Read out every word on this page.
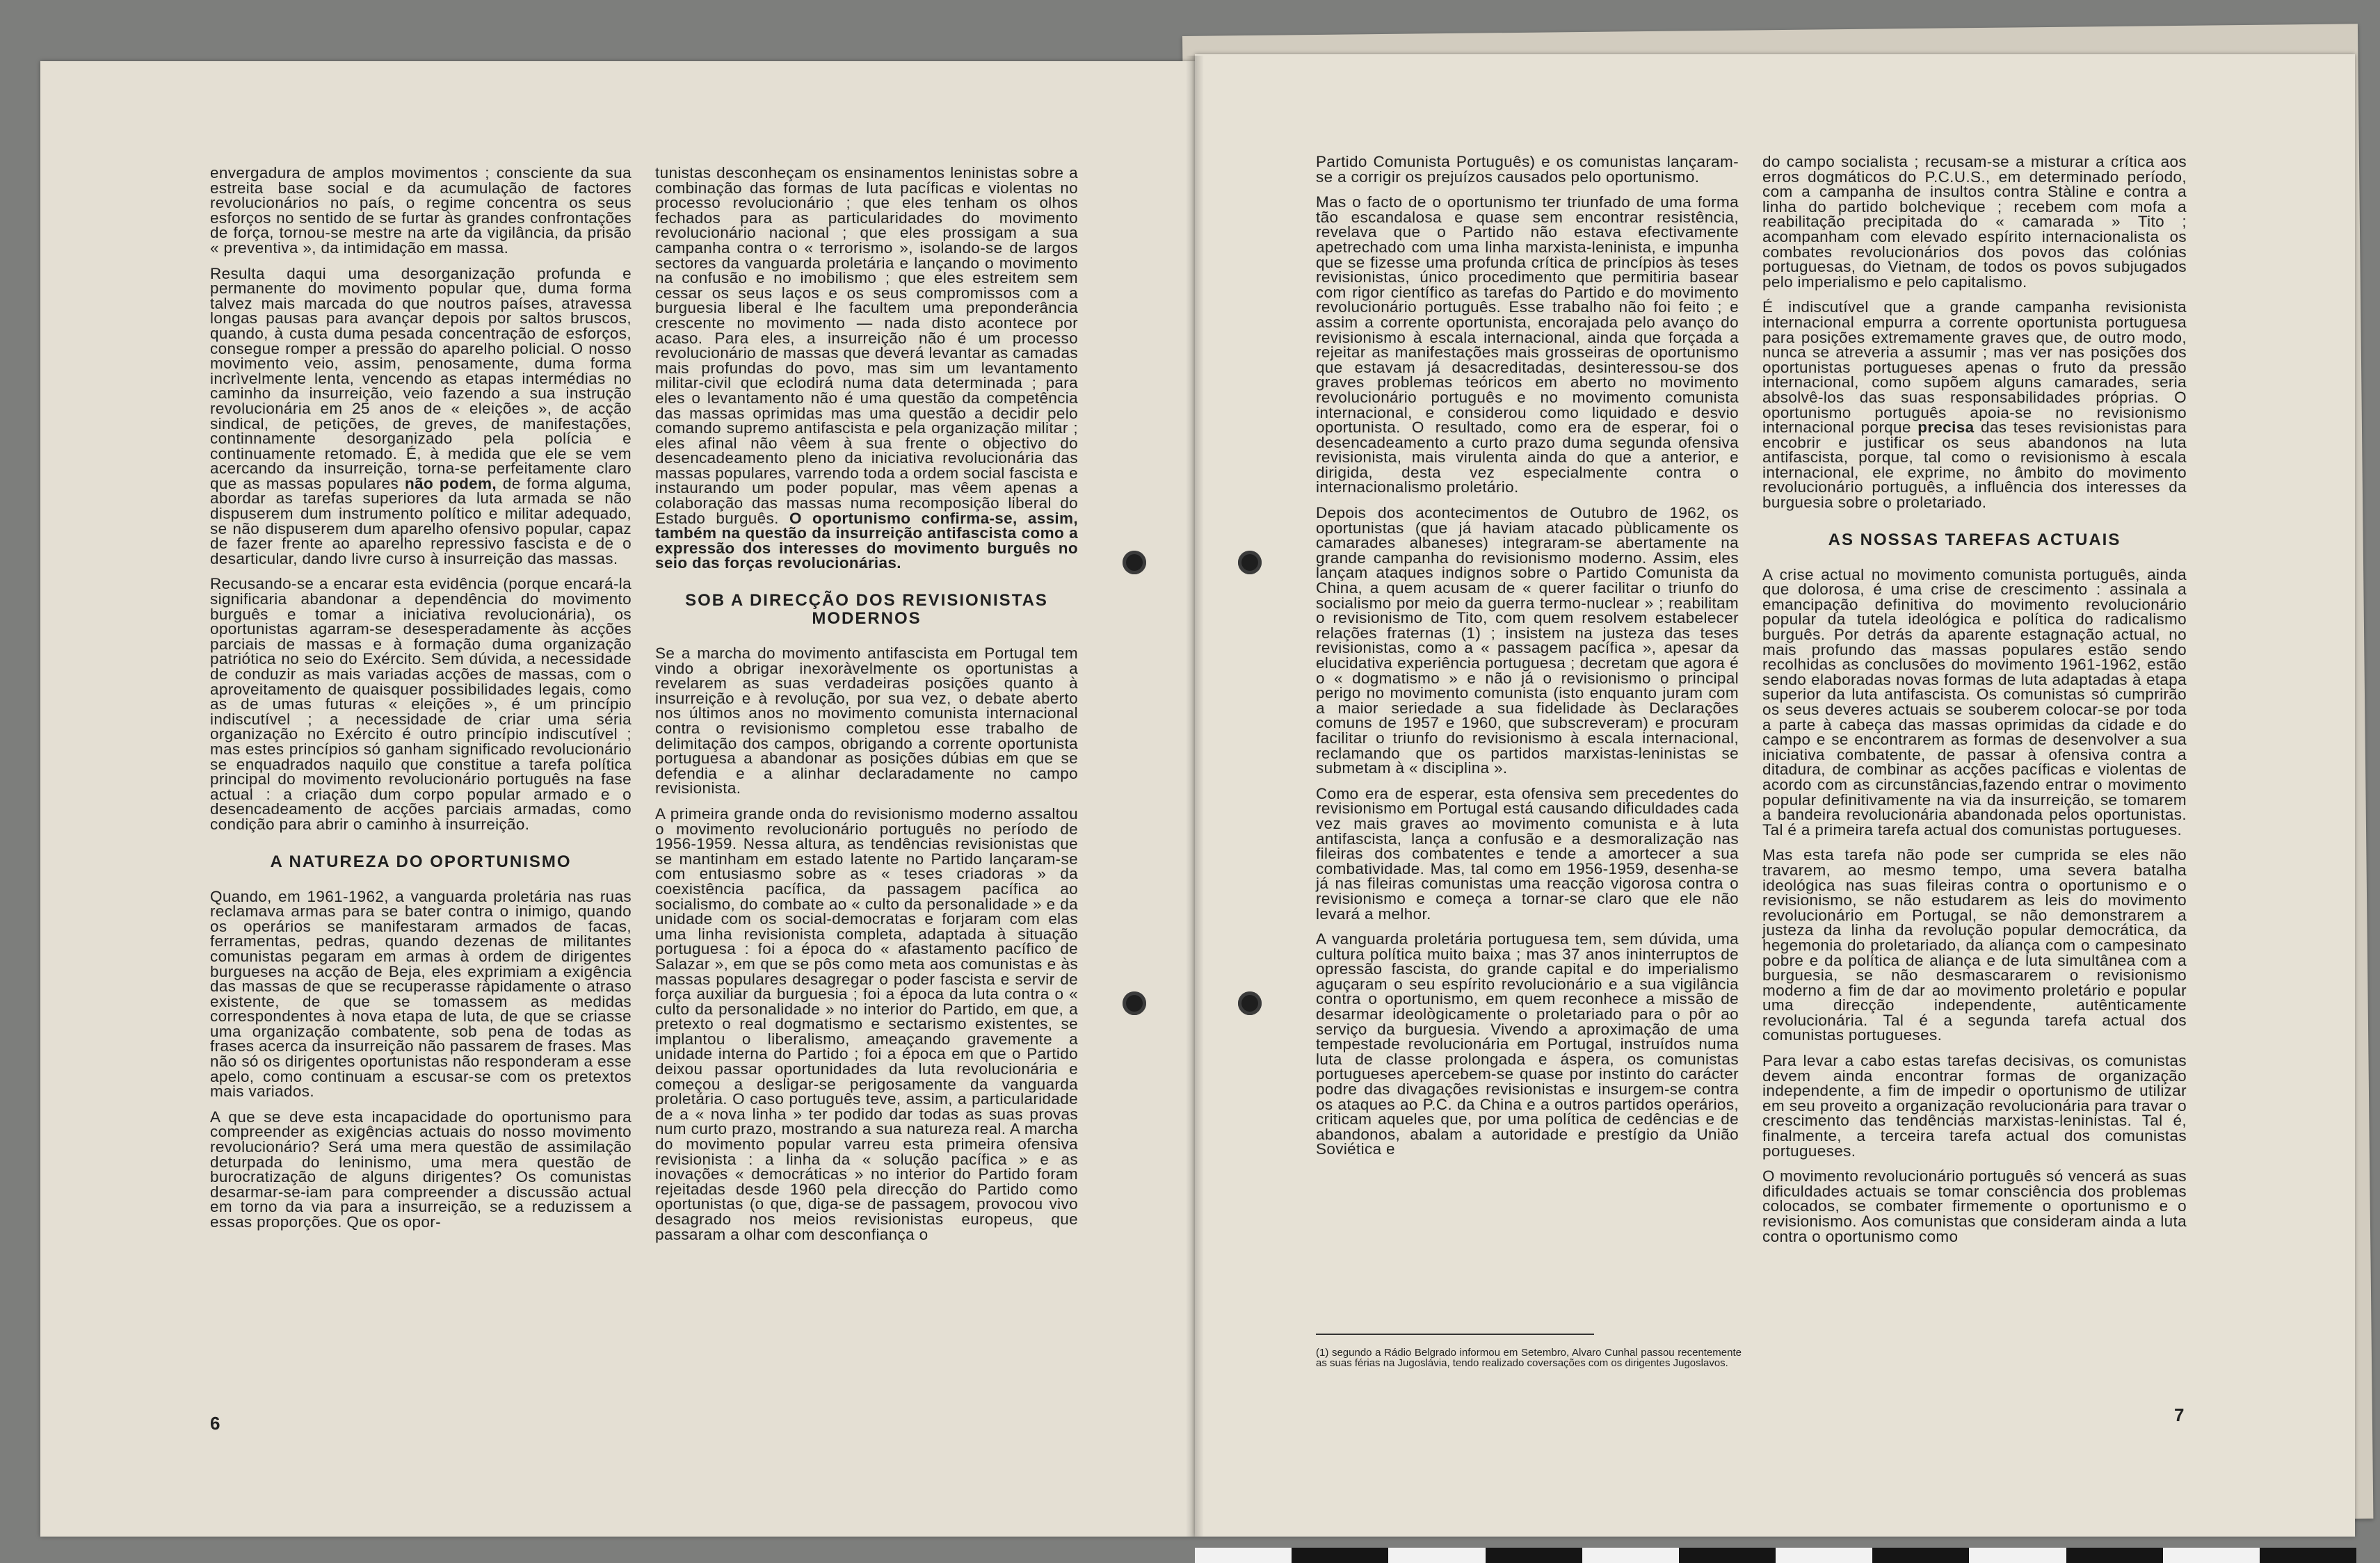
envergadura de amplos movimentos ; consciente da sua estreita base social e da acumulação de factores revolucionários no país, o regime concentra os seus esforços no sentido de se furtar às grandes confrontações de força, tornou-se mestre na arte da vigilância, da prisão « preventiva », da intimidação em massa.

Resulta daqui uma desorganização profunda e permanente do movimento popular que, duma forma talvez mais marcada do que noutros países, atravessa longas pausas para avançar depois por saltos bruscos, quando, à custa duma pesada concentração de esforços, consegue romper a pressão do aparelho policial. O nosso movimento veio, assim, penosamente, duma forma incrìvelmente lenta, vencendo as etapas intermédias no caminho da insurreição, veio fazendo a sua instrução revolucionária em 25 anos de « eleições », de acção sindical, de petições, de greves, de manifestações, continnamente desorganizado pela polícia e continuamente retomado. É, à medida que ele se vem acercando da insurreição, torna-se perfeitamente claro que as massas populares não podem, de forma alguma, abordar as tarefas superiores da luta armada se não dispuserem dum instrumento político e militar adequado, se não dispuserem dum aparelho ofensivo popular, capaz de fazer frente ao aparelho repressivo fascista e de o desarticular, dando livre curso à insurreição das massas.

Recusando-se a encarar esta evidência (porque encará-la significaria abandonar a dependência do movimento burguês e tomar a iniciativa revolucionária), os oportunistas agarram-se desesperadamente às acções parciais de massas e à formação duma organização patriótica no seio do Exército. Sem dúvida, a necessidade de conduzir as mais variadas acções de massas, com o aproveitamento de quaisquer possibilidades legais, como as de umas futuras « eleições », é um princípio indiscutível ; a necessidade de criar uma séria organização no Exército é outro princípio indiscutível ; mas estes princípios só ganham significado revolucionário se enquadrados naquilo que constitue a tarefa política principal do movimento revolucionário português na fase actual : a criação dum corpo popular armado e o desencadeamento de acções parciais armadas, como condição para abrir o caminho à insurreição.

A NATUREZA DO OPORTUNISMO

Quando, em 1961-1962, a vanguarda proletária nas ruas reclamava armas para se bater contra o inimigo, quando os operários se manifestaram armados de facas, ferramentas, pedras, quando dezenas de militantes comunistas pegaram em armas à ordem de dirigentes burgueses na acção de Beja, eles exprimiam a exigência das massas de que se recuperasse ràpidamente o atraso existente, de que se tomassem as medidas correspondentes à nova etapa de luta, de que se criasse uma organização combatente, sob pena de todas as frases acerca da insurreição não passarem de frases. Mas não só os dirigentes oportunistas não responderam a esse apelo, como continuam a escusar-se com os pretextos mais variados.

A que se deve esta incapacidade do oportunismo para compreender as exigências actuais do nosso movimento revolucionário? Será uma mera questão de assimilação deturpada do leninismo, uma mera questão de burocratização de alguns dirigentes? Os comunistas desarmar-se-iam para compreender a discussão actual em torno da via para a insurreição, se a reduzissem a essas proporções. Que os opor-

tunistas desconheçam os ensinamentos leninistas sobre a combinação das formas de luta pacíficas e violentas no processo revolucionário ; que eles tenham os olhos fechados para as particularidades do movimento revolucionário nacional ; que eles prossigam a sua campanha contra o « terrorismo », isolando-se de largos sectores da vanguarda proletária e lançando o movimento na confusão e no imobilismo ; que eles estreitem sem cessar os seus laços e os seus compromissos com a burguesia liberal e lhe facultem uma preponderância crescente no movimento — nada disto acontece por acaso. Para eles, a insurreição não é um processo revolucionário de massas que deverá levantar as camadas mais profundas do povo, mas sim um levantamento militar-civil que eclodirá numa data determinada ; para eles o levantamento não é uma questão da competência das massas oprimidas mas uma questão a decidir pelo comando supremo antifascista e pela organização militar ; eles afinal não vêem à sua frente o objectivo do desencadeamento pleno da iniciativa revolucionária das massas populares, varrendo toda a ordem social fascista e instaurando um poder popular, mas vêem apenas a colaboração das massas numa recomposição liberal do Estado burguês. O oportunismo confirma-se, assim, também na questão da insurreição antifascista como a expressão dos interesses do movimento burguês no seio das forças revolucionárias.

SOB A DIRECÇÃO DOS REVISIONISTAS MODERNOS

Se a marcha do movimento antifascista em Portugal tem vindo a obrigar inexoràvelmente os oportunistas a revelarem as suas verdadeiras posições quanto à insurreição e à revolução, por sua vez, o debate aberto nos últimos anos no movimento comunista internacional contra o revisionismo completou esse trabalho de delimitação dos campos, obrigando a corrente oportunista portuguesa a abandonar as posições dúbias em que se defendia e a alinhar declaradamente no campo revisionista.

A primeira grande onda do revisionismo moderno assaltou o movimento revolucionário português no período de 1956-1959. Nessa altura, as tendências revisionistas que se mantinham em estado latente no Partido lançaram-se com entusiasmo sobre as « teses criadoras » da coexistência pacífica, da passagem pacífica ao socialismo, do combate ao « culto da personalidade » e da unidade com os social-democratas e forjaram com elas uma linha revisionista completa, adaptada à situação portuguesa : foi a época do « afastamento pacífico de Salazar », em que se pôs como meta aos comunistas e às massas populares desagregar o poder fascista e servir de força auxiliar da burguesia ; foi a época da luta contra o « culto da personalidade » no interior do Partido, em que, a pretexto o real dogmatismo e sectarismo existentes, se implantou o liberalismo, ameaçando gravemente a unidade interna do Partido ; foi a época em que o Partido deixou passar oportunidades da luta revolucionária e começou a desligar-se perigosamente da vanguarda proletária. O caso português teve, assim, a particularidade de a « nova linha » ter podido dar todas as suas provas num curto prazo, mostrando a sua natureza real. A marcha do movimento popular varreu esta primeira ofensiva revisionista : a linha da « solução pacífica » e as inovações « democráticas » no interior do Partido foram rejeitadas desde 1960 pela direcção do Partido como oportunistas (o que, diga-se de passagem, provocou vivo desagrado nos meios revisionistas europeus, que passaram a olhar com desconfiança o

6

Partido Comunista Português) e os comunistas lançaram-se a corrigir os prejuízos causados pelo oportunismo.

Mas o facto de o oportunismo ter triunfado de uma forma tão escandalosa e quase sem encontrar resistência, revelava que o Partido não estava efectivamente apetrechado com uma linha marxista-leninista, e impunha que se fizesse uma profunda crítica de princípios às teses revisionistas, único procedimento que permitiria basear com rigor científico as tarefas do Partido e do movimento revolucionário português. Esse trabalho não foi feito ; e assim a corrente oportunista, encorajada pelo avanço do revisionismo à escala internacional, ainda que forçada a rejeitar as manifestações mais grosseiras de oportunismo que estavam já desacreditadas, desinteressou-se dos graves problemas teóricos em aberto no movimento revolucionário português e no movimento comunista internacional, e considerou como liquidado e desvio oportunista. O resultado, como era de esperar, foi o desencadeamento a curto prazo duma segunda ofensiva revisionista, mais virulenta ainda do que a anterior, e dirigida, desta vez especialmente contra o internacionalismo proletário.

Depois dos acontecimentos de Outubro de 1962, os oportunistas (que já haviam atacado pùblicamente os camarades albaneses) integraram-se abertamente na grande campanha do revisionismo moderno. Assim, eles lançam ataques indignos sobre o Partido Comunista da China, a quem acusam de « querer facilitar o triunfo do socialismo por meio da guerra termo-nuclear » ; reabilitam o revisionismo de Tito, com quem resolvem estabelecer relações fraternas (1) ; insistem na justeza das teses revisionistas, como a « passagem pacífica », apesar da elucidativa experiência portuguesa ; decretam que agora é o « dogmatismo » e não já o revisionismo o principal perigo no movimento comunista (isto enquanto juram com a maior seriedade a sua fidelidade às Declarações comuns de 1957 e 1960, que subscreveram) e procuram facilitar o triunfo do revisionismo à escala internacional, reclamando que os partidos marxistas-leninistas se submetam à « disciplina ».

Como era de esperar, esta ofensiva sem precedentes do revisionismo em Portugal está causando dificuldades cada vez mais graves ao movimento comunista e à luta antifascista, lança a confusão e a desmoralização nas fileiras dos combatentes e tende a amortecer a sua combatividade. Mas, tal como em 1956-1959, desenha-se já nas fileiras comunistas uma reacção vigorosa contra o revisionismo e começa a tornar-se claro que ele não levará a melhor.

A vanguarda proletária portuguesa tem, sem dúvida, uma cultura política muito baixa ; mas 37 anos ininterruptos de opressão fascista, do grande capital e do imperialismo aguçaram o seu espírito revolucionário e a sua vigilância contra o oportunismo, em quem reconhece a missão de desarmar ideològicamente o proletariado para o pôr ao serviço da burguesia. Vivendo a aproximação de uma tempestade revolucionária em Portugal, instruídos numa luta de classe prolongada e áspera, os comunistas portugueses apercebem-se quase por instinto do carácter podre das divagações revisionistas e insurgem-se contra os ataques ao P.C. da China e a outros partidos operários, criticam aqueles que, por uma política de cedências e de abandonos, abalam a autoridade e prestígio da União Soviética e

(1) segundo a Rádio Belgrado informou em Setembro, Alvaro Cunhal passou recentemente as suas férias na Jugoslávia, tendo realizado coversações com os dirigentes Jugoslavos.

do campo socialista ; recusam-se a misturar a crítica aos erros dogmáticos do P.C.U.S., em determinado período, com a campanha de insultos contra Stàline e contra a linha do partido bolchevique ; recebem com mofa a reabilitação precipitada do « camarada » Tito ; acompanham com elevado espírito internacionalista os combates revolucionários dos povos das colónias portuguesas, do Vietnam, de todos os povos subjugados pelo imperialismo e pelo capitalismo.

É indiscutível que a grande campanha revisionista internacional empurra a corrente oportunista portuguesa para posições extremamente graves que, de outro modo, nunca se atreveria a assumir ; mas ver nas posições dos oportunistas portugueses apenas o fruto da pressão internacional, como supõem alguns camarades, seria absolvê-los das suas responsabilidades próprias. O oportunismo português apoia-se no revisionismo internacional porque precisa das teses revisionistas para encobrir e justificar os seus abandonos na luta antifascista, porque, tal como o revisionismo à escala internacional, ele exprime, no âmbito do movimento revolucionário português, a influência dos interesses da burguesia sobre o proletariado.

AS NOSSAS TAREFAS ACTUAIS

A crise actual no movimento comunista português, ainda que dolorosa, é uma crise de crescimento : assinala a emancipação definitiva do movimento revolucionário popular da tutela ideológica e política do radicalismo burguês. Por detrás da aparente estagnação actual, no mais profundo das massas populares estão sendo recolhidas as conclusões do movimento 1961-1962, estão sendo elaboradas novas formas de luta adaptadas à etapa superior da luta antifascista. Os comunistas só cumprirão os seus deveres actuais se souberem colocar-se por toda a parte à cabeça das massas oprimidas da cidade e do campo e se encontrarem as formas de desenvolver a sua iniciativa combatente, de passar à ofensiva contra a ditadura, de combinar as acções pacíficas e violentas de acordo com as circunstâncias,fazendo entrar o movimento popular definitivamente na via da insurreição, se tomarem a bandeira revolucionária abandonada pelos oportunistas. Tal é a primeira tarefa actual dos comunistas portugueses.

Mas esta tarefa não pode ser cumprida se eles não travarem, ao mesmo tempo, uma severa batalha ideológica nas suas fileiras contra o oportunismo e o revisionismo, se não estudarem as leis do movimento revolucionário em Portugal, se não demonstrarem a justeza da linha da revolução popular democrática, da hegemonia do proletariado, da aliança com o campesinato pobre e da política de aliança e de luta simultânea com a burguesia, se não desmascararem o revisionismo moderno a fim de dar ao movimento proletário e popular uma direcção independente, autênticamente revolucionária. Tal é a segunda tarefa actual dos comunistas portugueses.

Para levar a cabo estas tarefas decisivas, os comunistas devem ainda encontrar formas de organização independente, a fim de impedir o oportunismo de utilizar em seu proveito a organização revolucionária para travar o crescimento das tendências marxistas-leninistas. Tal é, finalmente, a terceira tarefa actual dos comunistas portugueses.

O movimento revolucionário português só vencerá as suas dificuldades actuais se tomar consciência dos problemas colocados, se combater firmemente o oportunismo e o revisionismo. Aos comunistas que consideram ainda a luta contra o oportunismo como

7
